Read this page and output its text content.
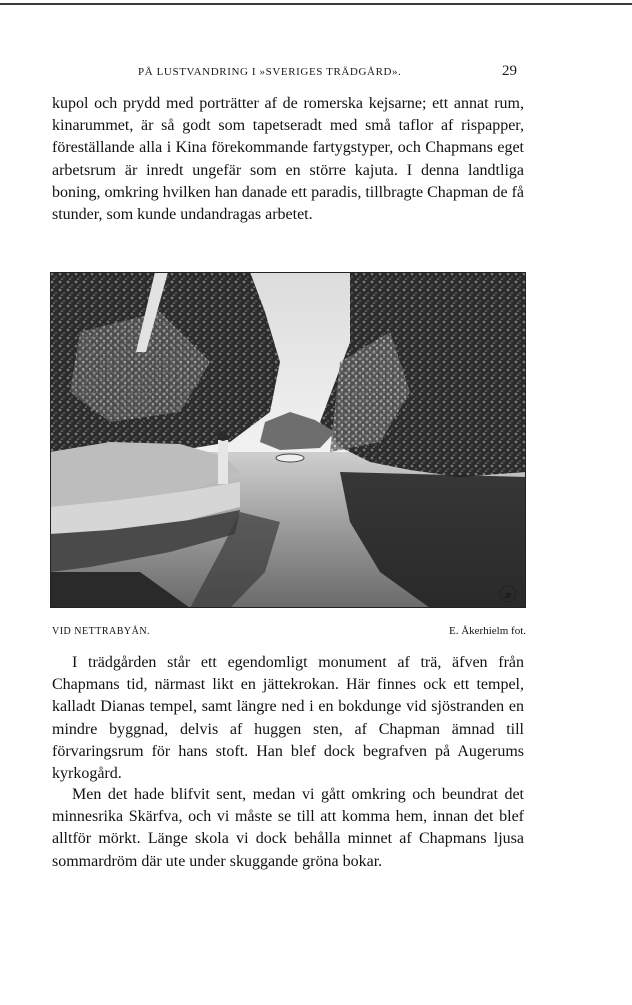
PÅ LUSTVANDRING I »SVERIGES TRÄDGÅRD».	29

kupol och prydd med porträtter af de romerska kejsarne; ett annat rum, kinarummet, är så godt som tapetseradt med små taflor af rispapper, föreställande alla i Kina förekommande fartygstyper, och Chapmans eget arbetsrum är inredt ungefär som en större kajuta. I denna landtliga boning, omkring hvilken han danade ett paradis, tillbragte Chapman de få stunder, som kunde undandragas arbetet.

æ
VID NETTRABYÅN.	E. Åkerhielm fot.

I trädgården står ett egendomligt monument af trä, äfven från Chapmans tid, närmast likt en jättekrokan. Här finnes ock ett tempel, kalladt Dianas tempel, samt längre ned i en bokdunge vid sjöstranden en mindre byggnad, delvis af huggen sten, af Chapman ämnad till förvaringsrum för hans stoft. Han blef dock begrafven på Augerums kyrkogård.

Men det hade blifvit sent, medan vi gått omkring och beundrat det minnesrika Skärfva, och vi måste se till att komma hem, innan det blef alltför mörkt. Länge skola vi dock behålla minnet af Chapmans ljusa sommardröm där ute under skuggande gröna bokar.
